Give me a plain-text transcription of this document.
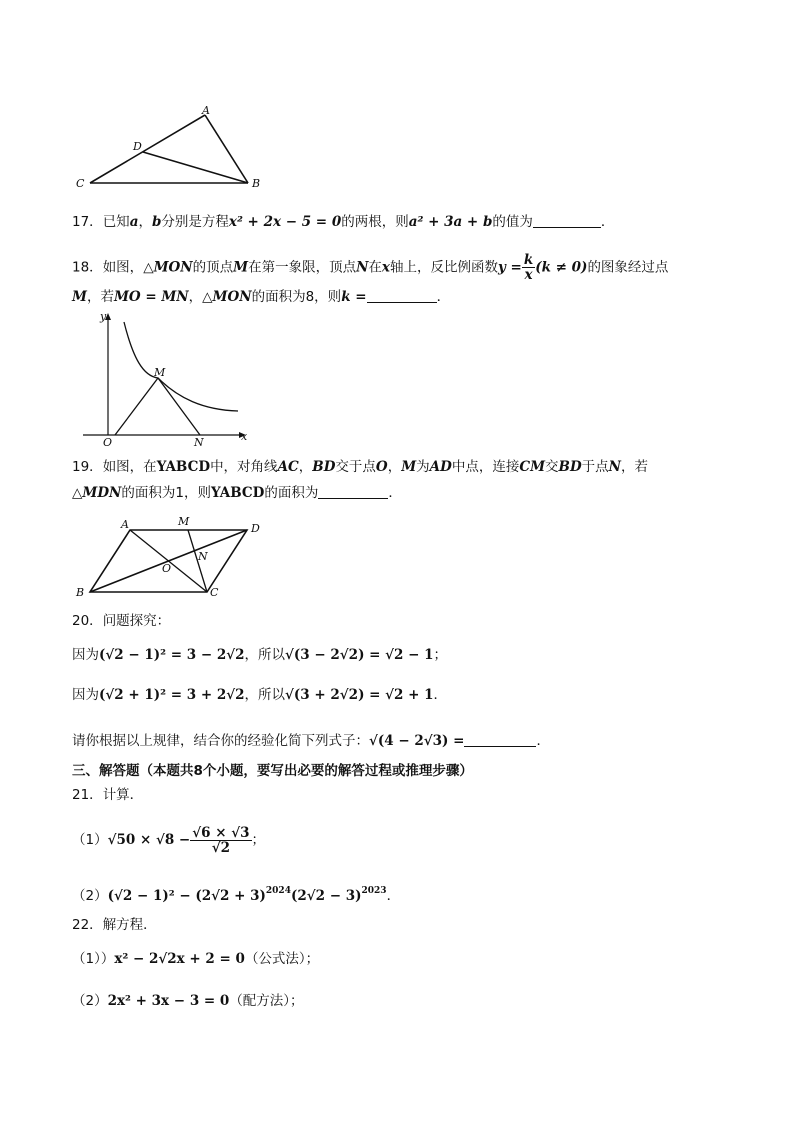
A
D
C	B
17．已知a，b分别是方程x² + 2x − 5 = 0的两根，则a² + 3a + b的值为	．
18．如图，△MON的顶点M在第一象限，顶点N在x轴上，反比例函数$y = \frac{k}{x} (k \ne 0)$的图象经过点
M，若MO = MN，△MON的面积为8，则k =	．
y
x
O
M
N
19．如图，在YABCD中，对角线AC，BD交于点O，M为AD中点，连接CM交BD于点N，若
△MDN的面积为1，则YABCD的面积为	．
A	M
D
N
O
B	C
20．问题探究：
因为(√2 − 1)² = 3 − 2√2，所以√(3 − 2√2) = √2 − 1；
因为(√2 + 1)² = 3 + 2√2，所以√(3 + 2√2) = √2 + 1．
请你根据以上规律，结合你的经验化简下列式子：√(4 − 2√3) =	．
三、解答题（本题共8个小题，要写出必要的解答过程或推理步骤）
21．计算．
$(1)√50 \times √8 - \frac{√6 \times √3}{√2}$ ；
$(2)(√2 - 1)^2 - (2√2 + 3)^{2024}(2√2 - 3)^{2023}$．
22．解方程．
（1））x² − 2√2x + 2 = 0（公式法）；
（2）2x² + 3x − 3 = 0（配方法）；
